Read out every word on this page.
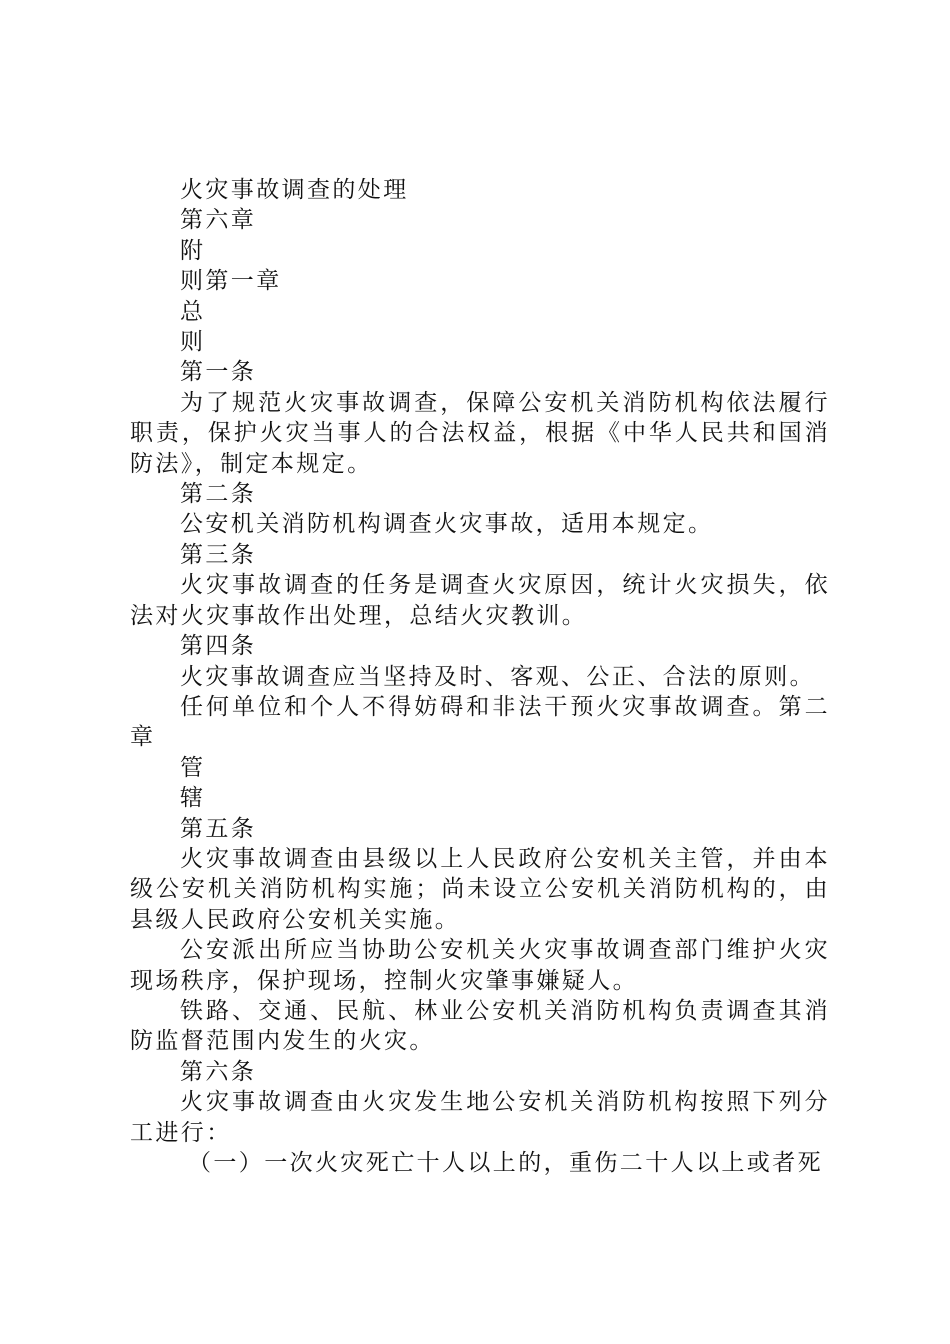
火灾事故调查的处理

第六章

附

则第一章

总

则

第一条

为了规范火灾事故调查，保障公安机关消防机构依法履行职责，保护火灾当事人的合法权益，根据《中华人民共和国消防法》，制定本规定。

第二条

公安机关消防机构调查火灾事故，适用本规定。

第三条

火灾事故调查的任务是调查火灾原因，统计火灾损失，依法对火灾事故作出处理，总结火灾教训。

第四条

火灾事故调查应当坚持及时、客观、公正、合法的原则。

任何单位和个人不得妨碍和非法干预火灾事故调查。第二章

管

辖

第五条

火灾事故调查由县级以上人民政府公安机关主管，并由本级公安机关消防机构实施；尚未设立公安机关消防机构的，由县级人民政府公安机关实施。

公安派出所应当协助公安机关火灾事故调查部门维护火灾现场秩序，保护现场，控制火灾肇事嫌疑人。

铁路、交通、民航、林业公安机关消防机构负责调查其消防监督范围内发生的火灾。

第六条

火灾事故调查由火灾发生地公安机关消防机构按照下列分工进行：

（一）一次火灾死亡十人以上的，重伤二十人以上或者死
